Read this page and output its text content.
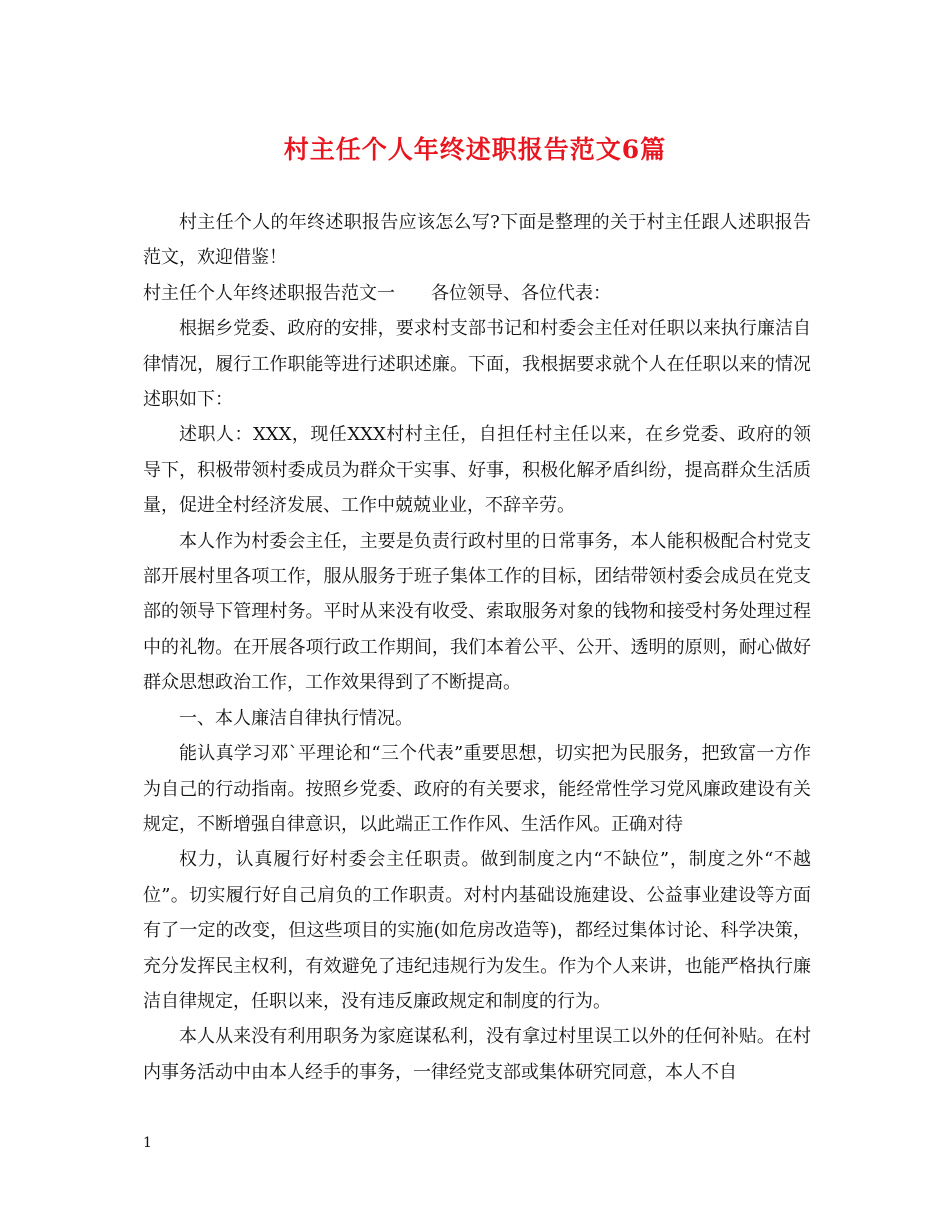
村主任个人年终述职报告范文6篇

村主任个人的年终述职报告应该怎么写?下面是整理的关于村主任跟人述职报告范文，欢迎借鉴！

村主任个人年终述职报告范文一 各位领导、各位代表：

根据乡党委、政府的安排，要求村支部书记和村委会主任对任职以来执行廉洁自律情况，履行工作职能等进行述职述廉。下面，我根据要求就个人在任职以来的情况述职如下：

述职人：XXX，现任XXX村村主任，自担任村主任以来，在乡党委、政府的领导下，积极带领村委成员为群众干实事、好事，积极化解矛盾纠纷，提高群众生活质量，促进全村经济发展、工作中兢兢业业，不辞辛劳。

本人作为村委会主任，主要是负责行政村里的日常事务，本人能积极配合村党支部开展村里各项工作，服从服务于班子集体工作的目标，团结带领村委会成员在党支部的领导下管理村务。平时从来没有收受、索取服务对象的钱物和接受村务处理过程中的礼物。在开展各项行政工作期间，我们本着公平、公开、透明的原则，耐心做好群众思想政治工作，工作效果得到了不断提高。

一、本人廉洁自律执行情况。

能认真学习邓`平理论和“三个代表”重要思想，切实把为民服务，把致富一方作为自己的行动指南。按照乡党委、政府的有关要求，能经常性学习党风廉政建设有关规定，不断增强自律意识，以此端正工作作风、生活作风。正确对待

权力，认真履行好村委会主任职责。做到制度之内“不缺位”，制度之外“不越位”。切实履行好自己肩负的工作职责。对村内基础设施建设、公益事业建设等方面有了一定的改变，但这些项目的实施(如危房改造等)，都经过集体讨论、科学决策，充分发挥民主权利，有效避免了违纪违规行为发生。作为个人来讲，也能严格执行廉洁自律规定，任职以来，没有违反廉政规定和制度的行为。

本人从来没有利用职务为家庭谋私利，没有拿过村里误工以外的任何补贴。在村内事务活动中由本人经手的事务，一律经党支部或集体研究同意，本人不自

1
